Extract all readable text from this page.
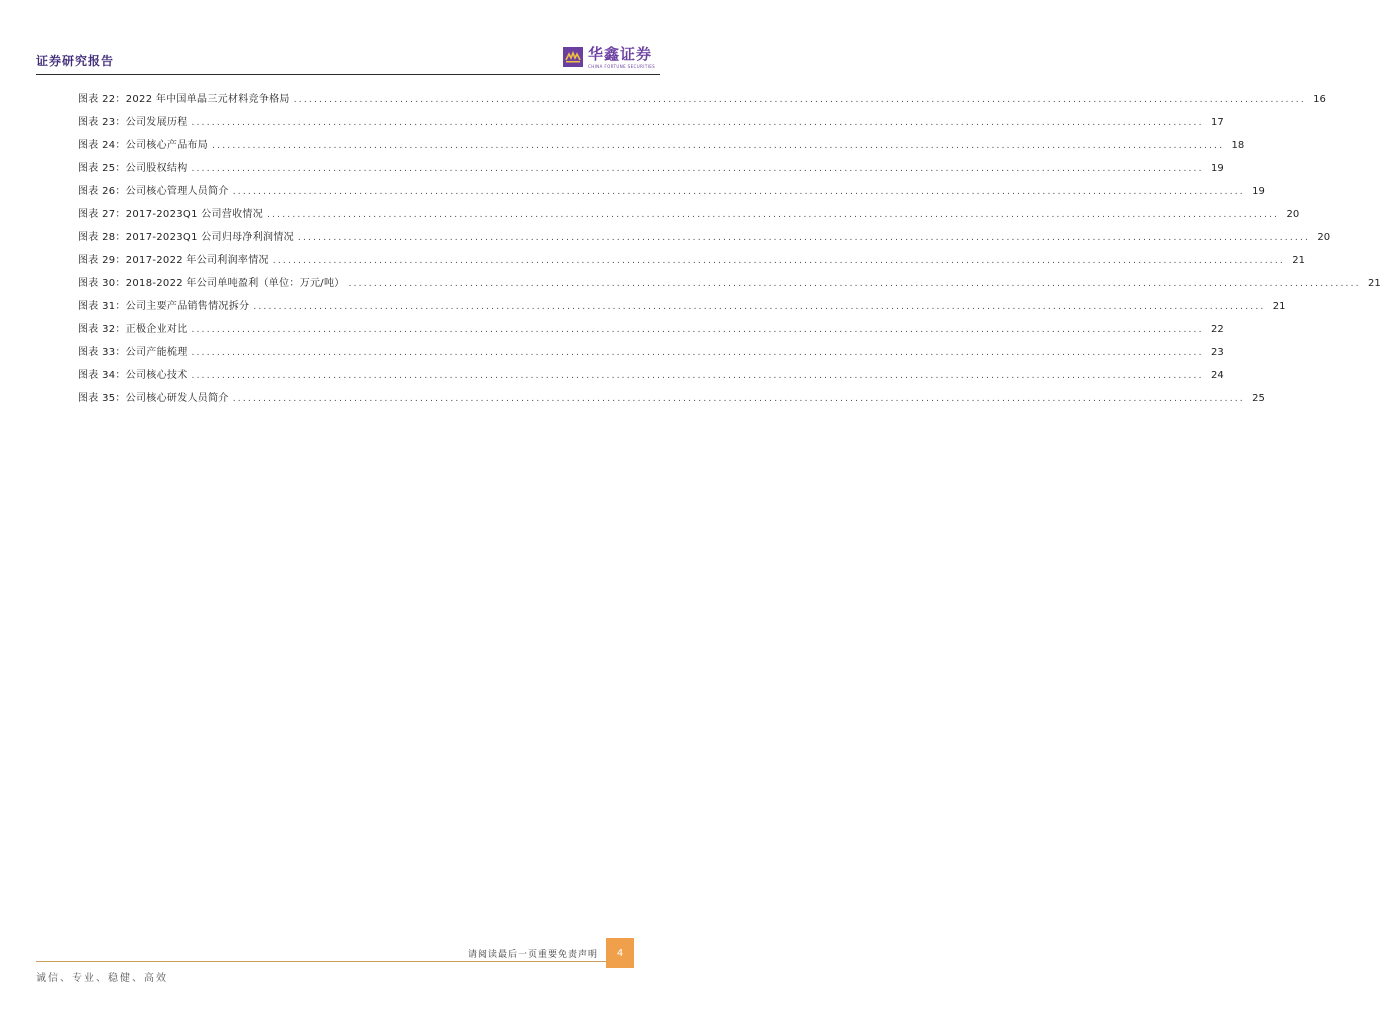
证券研究报告	华鑫证券
CHINA FORTUNE SECURITIES
图表 22：2022 年中国单晶三元材料竞争格局 ........................................................................................................................................................................................................ 16
图表 23：公司发展历程 ........................................................................................................................................................................................................ 17
图表 24：公司核心产品布局 ........................................................................................................................................................................................................ 18
图表 25：公司股权结构 ........................................................................................................................................................................................................ 19
图表 26：公司核心管理人员简介 ........................................................................................................................................................................................................ 19
图表 27：2017-2023Q1 公司营收情况 ........................................................................................................................................................................................................ 20
图表 28：2017-2023Q1 公司归母净利润情况 ........................................................................................................................................................................................................ 20
图表 29：2017-2022 年公司利润率情况 ........................................................................................................................................................................................................ 21
图表 30：2018-2022 年公司单吨盈利（单位：万元/吨） ........................................................................................................................................................................................................ 21
图表 31：公司主要产品销售情况拆分 ........................................................................................................................................................................................................ 21
图表 32：正极企业对比 ........................................................................................................................................................................................................ 22
图表 33：公司产能梳理 ........................................................................................................................................................................................................ 23
图表 34：公司核心技术 ........................................................................................................................................................................................................ 24
图表 35：公司核心研发人员简介 ........................................................................................................................................................................................................ 25
请阅读最后一页重要免责声明	4
诚信、专业、稳健、高效
